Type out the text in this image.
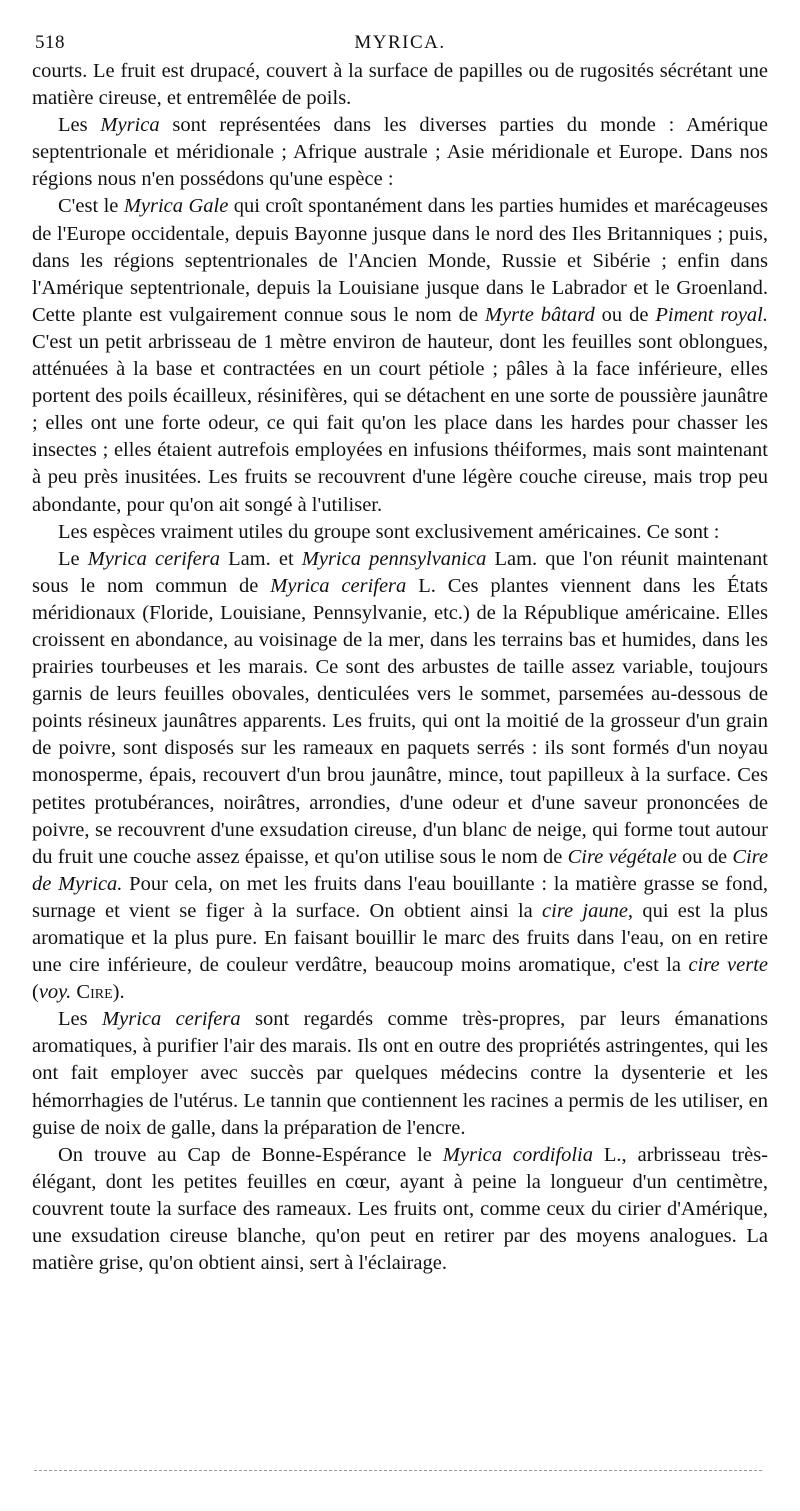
518	MYRICA.

courts. Le fruit est drupacé, couvert à la surface de papilles ou de rugosités sécrétant une matière cireuse, et entremêlée de poils.

Les Myrica sont représentées dans les diverses parties du monde : Amérique septentrionale et méridionale ; Afrique australe ; Asie méridionale et Europe. Dans nos régions nous n'en possédons qu'une espèce :

C'est le Myrica Gale qui croît spontanément dans les parties humides et marécageuses de l'Europe occidentale, depuis Bayonne jusque dans le nord des Iles Britanniques ; puis, dans les régions septentrionales de l'Ancien Monde, Russie et Sibérie ; enfin dans l'Amérique septentrionale, depuis la Louisiane jusque dans le Labrador et le Groenland. Cette plante est vulgairement connue sous le nom de Myrte bâtard ou de Piment royal. C'est un petit arbrisseau de 1 mètre environ de hauteur, dont les feuilles sont oblongues, atténuées à la base et contractées en un court pétiole ; pâles à la face inférieure, elles portent des poils écailleux, résinifères, qui se détachent en une sorte de poussière jaunâtre ; elles ont une forte odeur, ce qui fait qu'on les place dans les hardes pour chasser les insectes ; elles étaient autrefois employées en infusions théiformes, mais sont maintenant à peu près inusitées. Les fruits se recouvrent d'une légère couche cireuse, mais trop peu abondante, pour qu'on ait songé à l'utiliser.

Les espèces vraiment utiles du groupe sont exclusivement américaines. Ce sont :

Le Myrica cerifera Lam. et Myrica pennsylvanica Lam. que l'on réunit maintenant sous le nom commun de Myrica cerifera L. Ces plantes viennent dans les États méridionaux (Floride, Louisiane, Pennsylvanie, etc.) de la République américaine. Elles croissent en abondance, au voisinage de la mer, dans les terrains bas et humides, dans les prairies tourbeuses et les marais. Ce sont des arbustes de taille assez variable, toujours garnis de leurs feuilles obovales, denticulées vers le sommet, parsemées au-dessous de points résineux jaunâtres apparents. Les fruits, qui ont la moitié de la grosseur d'un grain de poivre, sont disposés sur les rameaux en paquets serrés : ils sont formés d'un noyau monosperme, épais, recouvert d'un brou jaunâtre, mince, tout papilleux à la surface. Ces petites protubérances, noirâtres, arrondies, d'une odeur et d'une saveur prononcées de poivre, se recouvrent d'une exsudation cireuse, d'un blanc de neige, qui forme tout autour du fruit une couche assez épaisse, et qu'on utilise sous le nom de Cire végétale ou de Cire de Myrica. Pour cela, on met les fruits dans l'eau bouillante : la matière grasse se fond, surnage et vient se figer à la surface. On obtient ainsi la cire jaune, qui est la plus aromatique et la plus pure. En faisant bouillir le marc des fruits dans l'eau, on en retire une cire inférieure, de couleur verdâtre, beaucoup moins aromatique, c'est la cire verte (voy. Cire).

Les Myrica cerifera sont regardés comme très-propres, par leurs émanations aromatiques, à purifier l'air des marais. Ils ont en outre des propriétés astringentes, qui les ont fait employer avec succès par quelques médecins contre la dysenterie et les hémorrhagies de l'utérus. Le tannin que contiennent les racines a permis de les utiliser, en guise de noix de galle, dans la préparation de l'encre.

On trouve au Cap de Bonne-Espérance le Myrica cordifolia L., arbrisseau très-élégant, dont les petites feuilles en cœur, ayant à peine la longueur d'un centimètre, couvrent toute la surface des rameaux. Les fruits ont, comme ceux du cirier d'Amérique, une exsudation cireuse blanche, qu'on peut en retirer par des moyens analogues. La matière grise, qu'on obtient ainsi, sert à l'éclairage.
